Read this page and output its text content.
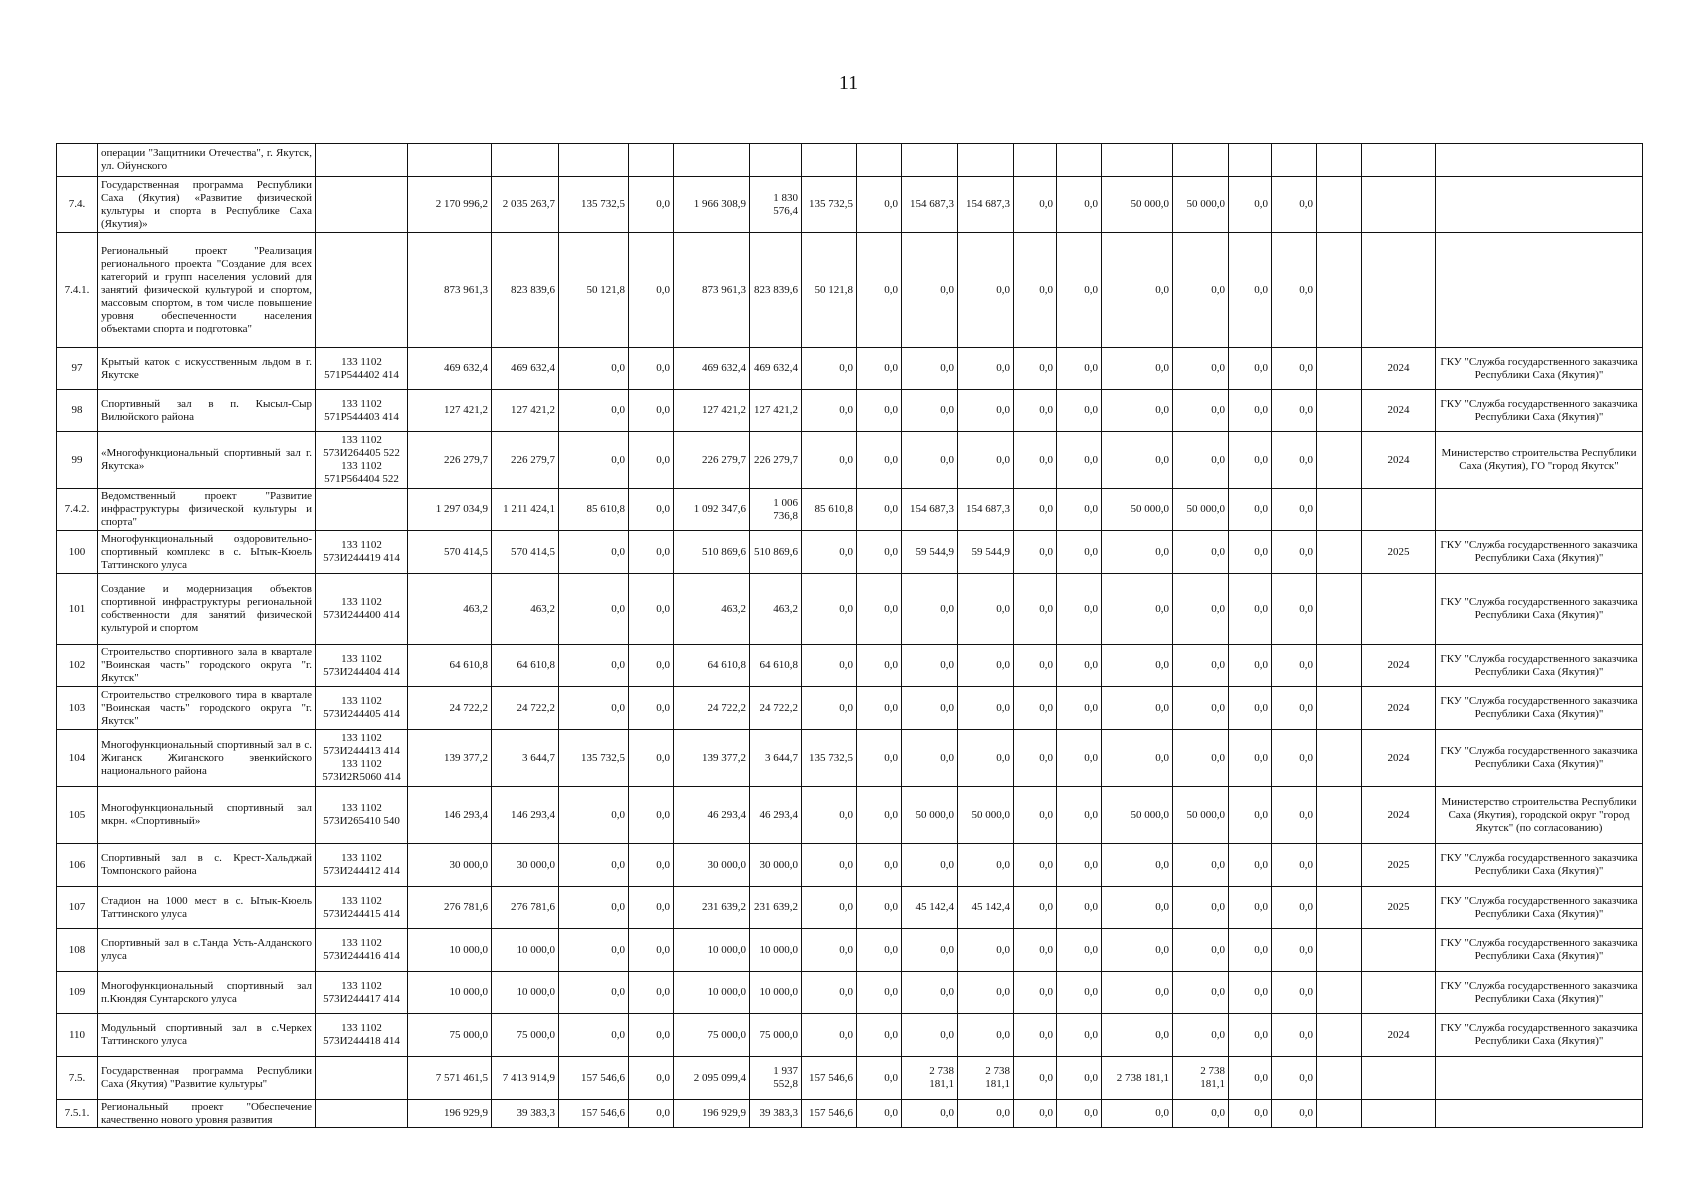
11
	операции "Защитники Отечества", г. Якутск, ул. Ойунского																				
7.4.	Государственная программа Республики Саха (Якутия) «Развитие физической культуры и спорта в Республике Саха (Якутия)»		2 170 996,2	2 035 263,7	135 732,5	0,0	1 966 308,9	1 830 576,4	135 732,5	0,0	154 687,3	154 687,3	0,0	0,0	50 000,0	50 000,0	0,0	0,0			
7.4.1.	Региональный проект "Реализация регионального проекта "Создание для всех категорий и групп населения условий для занятий физической культурой и спортом, массовым спортом, в том числе повышение уровня обеспеченности населения объектами спорта и подготовка"		873 961,3	823 839,6	50 121,8	0,0	873 961,3	823 839,6	50 121,8	0,0	0,0	0,0	0,0	0,0	0,0	0,0	0,0	0,0			
97	Крытый каток с искусственным льдом в г. Якутске	133 1102 571P544402 414	469 632,4	469 632,4	0,0	0,0	469 632,4	469 632,4	0,0	0,0	0,0	0,0	0,0	0,0	0,0	0,0	0,0	0,0		2024	ГКУ "Служба государственного заказчика Республики Саха (Якутия)"
98	Спортивный зал в п. Кысыл-Сыр Вилюйского района	133 1102 571P544403 414	127 421,2	127 421,2	0,0	0,0	127 421,2	127 421,2	0,0	0,0	0,0	0,0	0,0	0,0	0,0	0,0	0,0	0,0		2024	ГКУ "Служба государственного заказчика Республики Саха (Якутия)"
99	«Многофункциональный спортивный зал г. Якутска»	133 1102 573И264405 522 133 1102 571P564404 522	226 279,7	226 279,7	0,0	0,0	226 279,7	226 279,7	0,0	0,0	0,0	0,0	0,0	0,0	0,0	0,0	0,0	0,0		2024	Министерство строительства Республики Саха (Якутия), ГО "город Якутск"
7.4.2.	Ведомственный проект "Развитие инфраструктуры физической культуры и спорта"		1 297 034,9	1 211 424,1	85 610,8	0,0	1 092 347,6	1 006 736,8	85 610,8	0,0	154 687,3	154 687,3	0,0	0,0	50 000,0	50 000,0	0,0	0,0			
100	Многофункциональный оздоровительно-спортивный комплекс в с. Ытык-Кюель Таттинского улуса	133 1102 573И244419 414	570 414,5	570 414,5	0,0	0,0	510 869,6	510 869,6	0,0	0,0	59 544,9	59 544,9	0,0	0,0	0,0	0,0	0,0	0,0		2025	ГКУ "Служба государственного заказчика Республики Саха (Якутия)"
101	Создание и модернизация объектов спортивной инфраструктуры региональной собственности для занятий физической культурой и спортом	133 1102 573И244400 414	463,2	463,2	0,0	0,0	463,2	463,2	0,0	0,0	0,0	0,0	0,0	0,0	0,0	0,0	0,0	0,0			ГКУ "Служба государственного заказчика Республики Саха (Якутия)"
102	Строительство спортивного зала в квартале "Воинская часть" городского округа "г. Якутск"	133 1102 573И244404 414	64 610,8	64 610,8	0,0	0,0	64 610,8	64 610,8	0,0	0,0	0,0	0,0	0,0	0,0	0,0	0,0	0,0	0,0		2024	ГКУ "Служба государственного заказчика Республики Саха (Якутия)"
103	Строительство стрелкового тира в квартале "Воинская часть" городского округа "г. Якутск"	133 1102 573И244405 414	24 722,2	24 722,2	0,0	0,0	24 722,2	24 722,2	0,0	0,0	0,0	0,0	0,0	0,0	0,0	0,0	0,0	0,0		2024	ГКУ "Служба государственного заказчика Республики Саха (Якутия)"
104	Многофункциональный спортивный зал в с. Жиганск Жиганского эвенкийского национального района	133 1102 573И244413 414 133 1102 573И2R5060 414	139 377,2	3 644,7	135 732,5	0,0	139 377,2	3 644,7	135 732,5	0,0	0,0	0,0	0,0	0,0	0,0	0,0	0,0	0,0		2024	ГКУ "Служба государственного заказчика Республики Саха (Якутия)"
105	Многофункциональный спортивный зал мкрн. «Спортивный»	133 1102 573И265410 540	146 293,4	146 293,4	0,0	0,0	46 293,4	46 293,4	0,0	0,0	50 000,0	50 000,0	0,0	0,0	50 000,0	50 000,0	0,0	0,0		2024	Министерство строительства Республики Саха (Якутия), городской округ "город Якутск" (по согласованию)
106	Спортивный зал в с. Крест-Хальджай Томпонского района	133 1102 573И244412 414	30 000,0	30 000,0	0,0	0,0	30 000,0	30 000,0	0,0	0,0	0,0	0,0	0,0	0,0	0,0	0,0	0,0	0,0		2025	ГКУ "Служба государственного заказчика Республики Саха (Якутия)"
107	Стадион на 1000 мест в с. Ытык-Кюель Таттинского улуса	133 1102 573И244415 414	276 781,6	276 781,6	0,0	0,0	231 639,2	231 639,2	0,0	0,0	45 142,4	45 142,4	0,0	0,0	0,0	0,0	0,0	0,0		2025	ГКУ "Служба государственного заказчика Республики Саха (Якутия)"
108	Спортивный зал в с.Танда Усть-Алданского улуса	133 1102 573И244416 414	10 000,0	10 000,0	0,0	0,0	10 000,0	10 000,0	0,0	0,0	0,0	0,0	0,0	0,0	0,0	0,0	0,0	0,0			ГКУ "Служба государственного заказчика Республики Саха (Якутия)"
109	Многофункциональный спортивный зал п.Кюндяя Сунтарского улуса	133 1102 573И244417 414	10 000,0	10 000,0	0,0	0,0	10 000,0	10 000,0	0,0	0,0	0,0	0,0	0,0	0,0	0,0	0,0	0,0	0,0			ГКУ "Служба государственного заказчика Республики Саха (Якутия)"
110	Модульный спортивный зал в с.Черкех Таттинского улуса	133 1102 573И244418 414	75 000,0	75 000,0	0,0	0,0	75 000,0	75 000,0	0,0	0,0	0,0	0,0	0,0	0,0	0,0	0,0	0,0	0,0		2024	ГКУ "Служба государственного заказчика Республики Саха (Якутия)"
7.5.	Государственная программа Республики Саха (Якутия) "Развитие культуры"		7 571 461,5	7 413 914,9	157 546,6	0,0	2 095 099,4	1 937 552,8	157 546,6	0,0	2 738 181,1	2 738 181,1	0,0	0,0	2 738 181,1	2 738 181,1	0,0	0,0			
7.5.1.	Региональный проект "Обеспечение качественно нового уровня развития		196 929,9	39 383,3	157 546,6	0,0	196 929,9	39 383,3	157 546,6	0,0	0,0	0,0	0,0	0,0	0,0	0,0	0,0	0,0			
